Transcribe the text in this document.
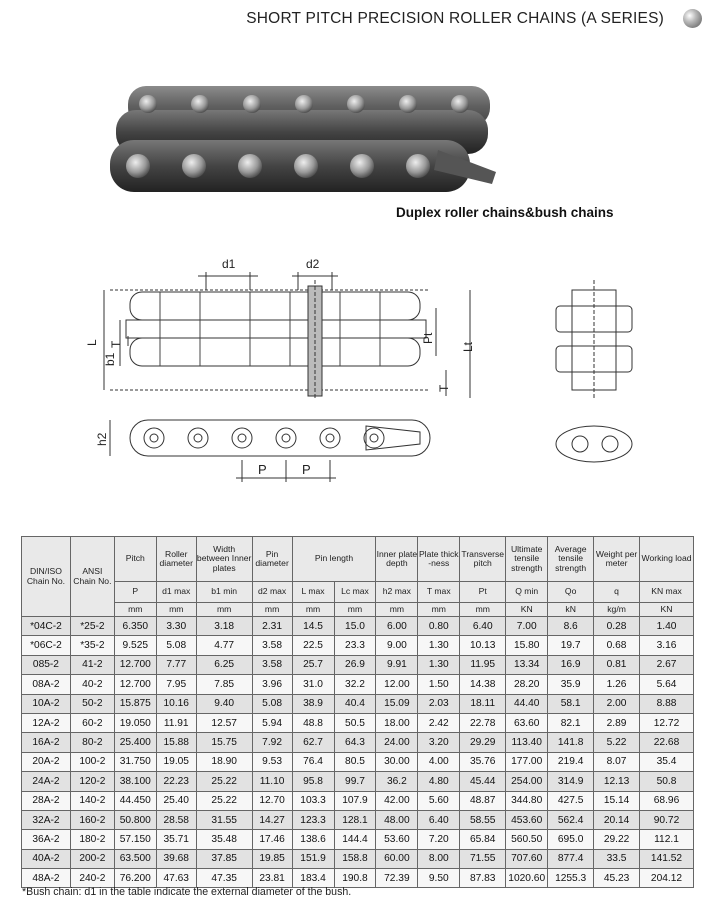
SHORT PITCH PRECISION ROLLER CHAINS (A SERIES)
Duplex roller chains&bush chains
d1	d2
L
b1
T
Pt
Lt
T
h2
P	P
DIN/ISO Chain No.	ANSI Chain No.	Pitch	Roller diameter	Width between Inner plates	Pin diameter	Pin length		Inner plate depth	Plate thick -ness	Transverse pitch	Ultimate tensile strength	Average tensile strength	Weight per meter	Working load
		P	d1 max	b1 min	d2 max	L max	Lc max	h2 max	T max	Pt	Q min	Qo	q	KN max
		mm	mm	mm	mm	mm	mm	mm	mm	mm	KN	kN	kg/m	KN
*04C-2	*25-2	6.350	3.30	3.18	2.31	14.5	15.0	6.00	0.80	6.40	7.00	8.6	0.28	1.40
*06C-2	*35-2	9.525	5.08	4.77	3.58	22.5	23.3	9.00	1.30	10.13	15.80	19.7	0.68	3.16
085-2	41-2	12.700	7.77	6.25	3.58	25.7	26.9	9.91	1.30	11.95	13.34	16.9	0.81	2.67
08A-2	40-2	12.700	7.95	7.85	3.96	31.0	32.2	12.00	1.50	14.38	28.20	35.9	1.26	5.64
10A-2	50-2	15.875	10.16	9.40	5.08	38.9	40.4	15.09	2.03	18.11	44.40	58.1	2.00	8.88
12A-2	60-2	19.050	11.91	12.57	5.94	48.8	50.5	18.00	2.42	22.78	63.60	82.1	2.89	12.72
16A-2	80-2	25.400	15.88	15.75	7.92	62.7	64.3	24.00	3.20	29.29	113.40	141.8	5.22	22.68
20A-2	100-2	31.750	19.05	18.90	9.53	76.4	80.5	30.00	4.00	35.76	177.00	219.4	8.07	35.4
24A-2	120-2	38.100	22.23	25.22	11.10	95.8	99.7	36.2	4.80	45.44	254.00	314.9	12.13	50.8
28A-2	140-2	44.450	25.40	25.22	12.70	103.3	107.9	42.00	5.60	48.87	344.80	427.5	15.14	68.96
32A-2	160-2	50.800	28.58	31.55	14.27	123.3	128.1	48.00	6.40	58.55	453.60	562.4	20.14	90.72
36A-2	180-2	57.150	35.71	35.48	17.46	138.6	144.4	53.60	7.20	65.84	560.50	695.0	29.22	112.1
40A-2	200-2	63.500	39.68	37.85	19.85	151.9	158.8	60.00	8.00	71.55	707.60	877.4	33.5	141.52
48A-2	240-2	76.200	47.63	47.35	23.81	183.4	190.8	72.39	9.50	87.83	1020.60	1255.3	45.23	204.12
*Bush chain: d1 in the table indicate the external diameter of the bush.
